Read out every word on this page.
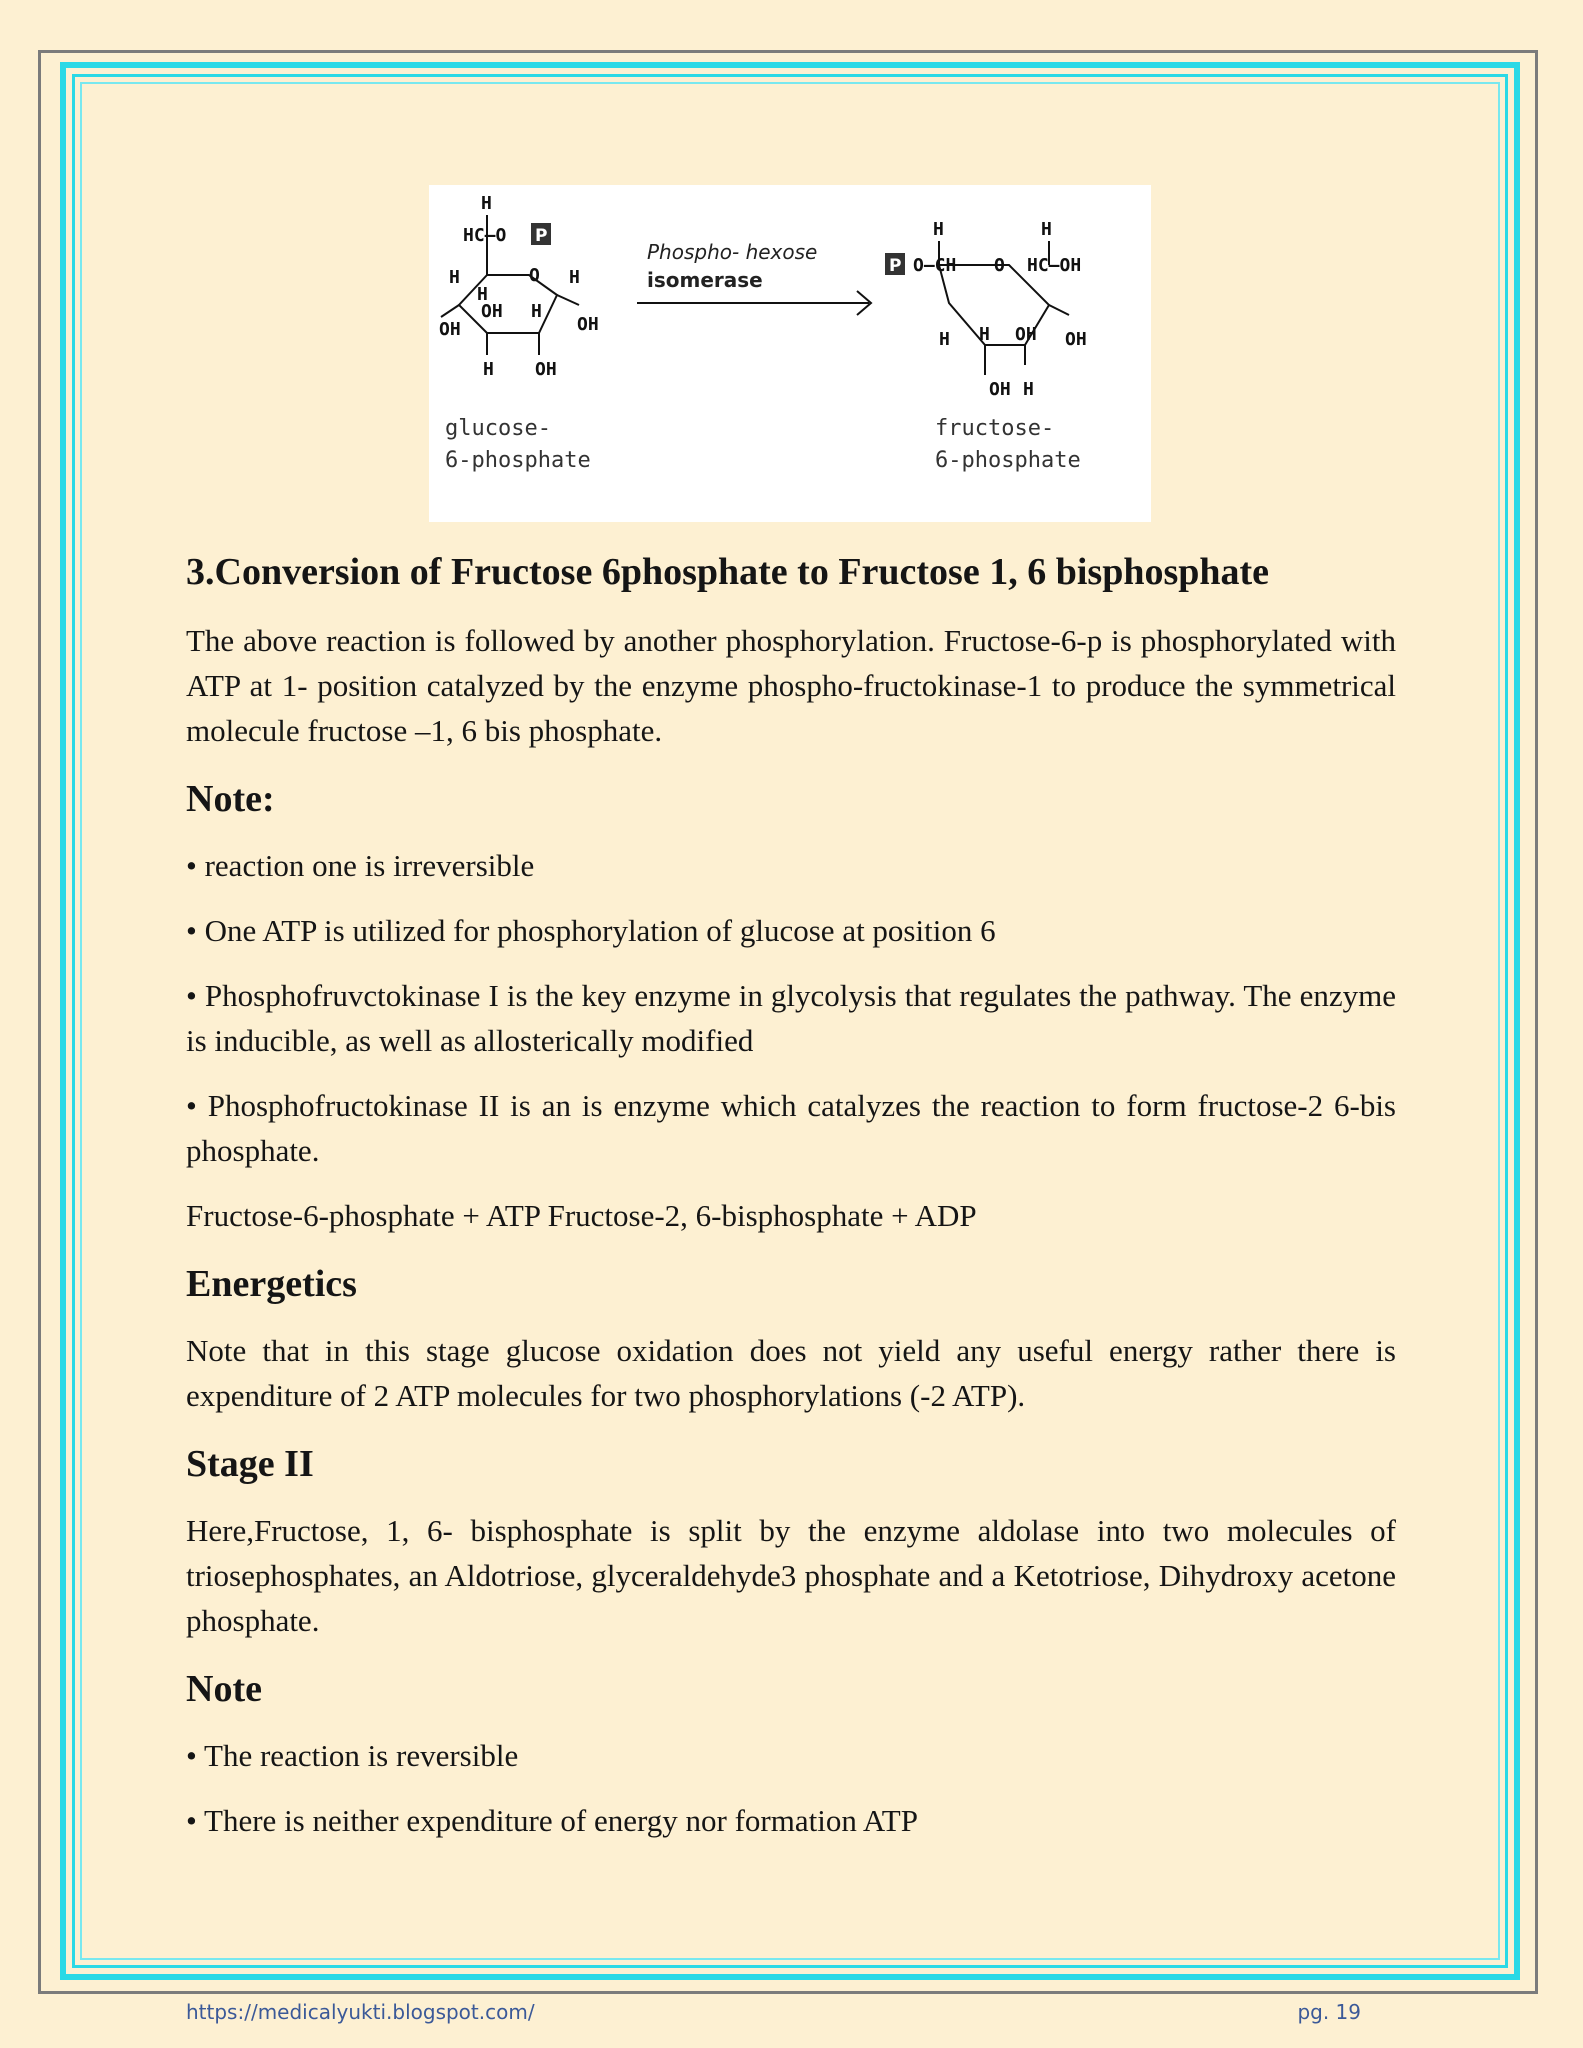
H
HC–O
H
H
OH H
H
OH
OH
H OH
O
H
O–CH O
H
HC–OH
H H OH OH
OH H
P
P
Phospho- hexose
isomerase
glucose-
6-phosphate
fructose-
6-phosphate
3.Conversion of Fructose 6phosphate to Fructose 1, 6 bisphosphate

The above reaction is followed by another phosphorylation. Fructose-6-p is phosphorylated with ATP at 1- position catalyzed by the enzyme phospho-fructokinase-1 to produce the symmetrical molecule fructose –1, 6 bis phosphate.

Note:
• reaction one is irreversible
• One ATP is utilized for phosphorylation of glucose at position 6
• Phosphofruvctokinase I is the key enzyme in glycolysis that regulates the pathway. The enzyme is inducible, as well as allosterically modified
• Phosphofructokinase II is an is enzyme which catalyzes the reaction to form fructose-2 6-bis phosphate.

Fructose-6-phosphate + ATP Fructose-2, 6-bisphosphate + ADP

Energetics

Note that in this stage glucose oxidation does not yield any useful energy rather there is expenditure of 2 ATP molecules for two phosphorylations (-2 ATP).

Stage II

Here,Fructose, 1, 6- bisphosphate is split by the enzyme aldolase into two molecules of triosephosphates, an Aldotriose, glyceraldehyde3 phosphate and a Ketotriose, Dihydroxy acetone phosphate.

Note
• The reaction is reversible
• There is neither expenditure of energy nor formation ATP
https://medicalyukti.blogspot.com/	pg. 19
